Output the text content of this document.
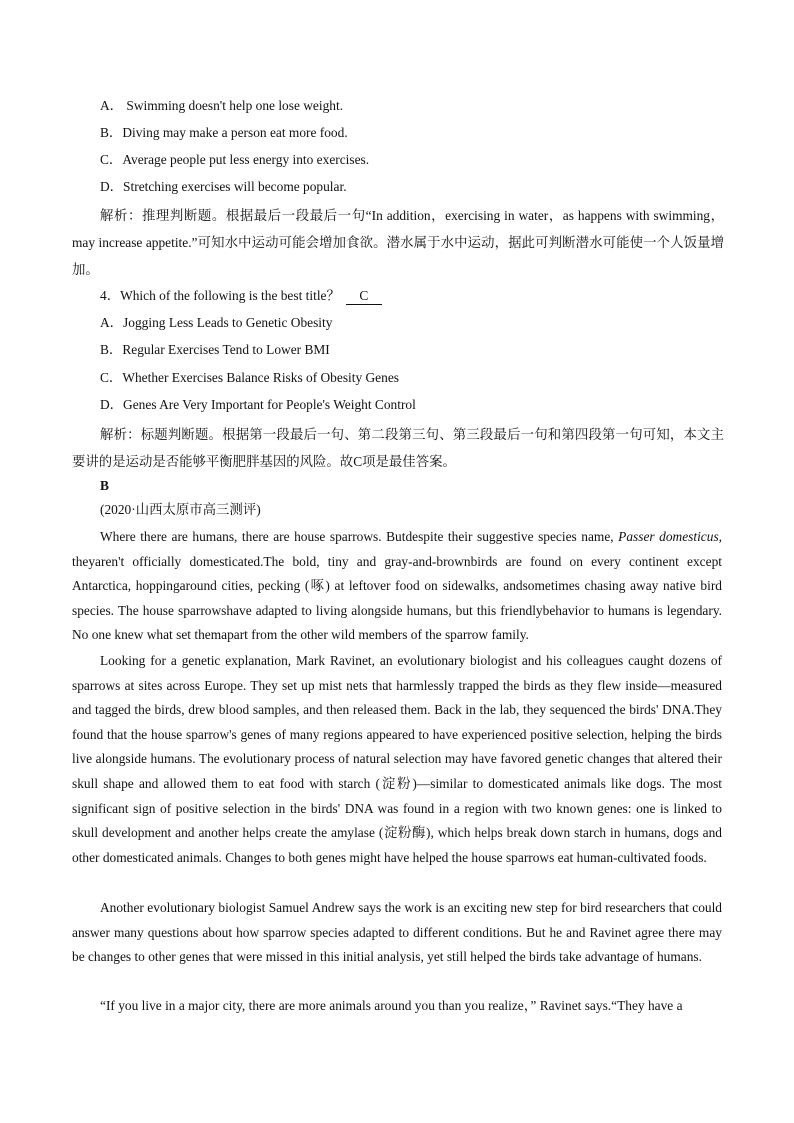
A． Swimming doesn't help one lose weight.
B．Diving may make a person eat more food.
C．Average people put less energy into exercises.
D．Stretching exercises will become popular.
解析：推理判断题。根据最后一段最后一句“In addition，exercising in water，as happens with swimming，may increase appetite.”可知水中运动可能会增加食欲。潜水属于水中运动，据此可判断潜水可能使一个人饭量增加。
4．Which of the following is the best title？ C
A．Jogging Less Leads to Genetic Obesity
B．Regular Exercises Tend to Lower BMI
C．Whether Exercises Balance Risks of Obesity Genes
D．Genes Are Very Important for People's Weight Control
解析：标题判断题。根据第一段最后一句、第二段第三句、第三段最后一句和第四段第一句可知，本文主要讲的是运动是否能够平衡肥胖基因的风险。故C项是最佳答案。
B
(2020·山西太原市高三测评)
Where there are humans, there are house sparrows. Butdespite their suggestive species name, Passer domesticus, theyaren't officially domesticated.The bold, tiny and gray-and-brownbirds are found on every continent except Antarctica, hoppingaround cities, pecking (啄) at leftover food on sidewalks, andsometimes chasing away native bird species. The house sparrowshave adapted to living alongside humans, but this friendlybehavior to humans is legendary. No one knew what set themapart from the other wild members of the sparrow family.
Looking for a genetic explanation, Mark Ravinet, an evolutionary biologist and his colleagues caught dozens of sparrows at sites across Europe. They set up mist nets that harmlessly trapped the birds as they flew inside—measured and tagged the birds, drew blood samples, and then released them. Back in the lab, they sequenced the birds' DNA.They found that the house sparrow's genes of many regions appeared to have experienced positive selection, helping the birds live alongside humans. The evolutionary process of natural selection may have favored genetic changes that altered their skull shape and allowed them to eat food with starch (淀粉)—similar to domesticated animals like dogs. The most significant sign of positive selection in the birds' DNA was found in a region with two known genes: one is linked to skull development and another helps create the amylase (淀粉酶), which helps break down starch in humans, dogs and other domesticated animals. Changes to both genes might have helped the house sparrows eat human-cultivated foods.
Another evolutionary biologist Samuel Andrew says the work is an exciting new step for bird researchers that could answer many questions about how sparrow species adapted to different conditions. But he and Ravinet agree there may be changes to other genes that were missed in this initial analysis, yet still helped the birds take advantage of humans.
“If you live in a major city, there are more animals around you than you realize，” Ravinet says.“They have a
